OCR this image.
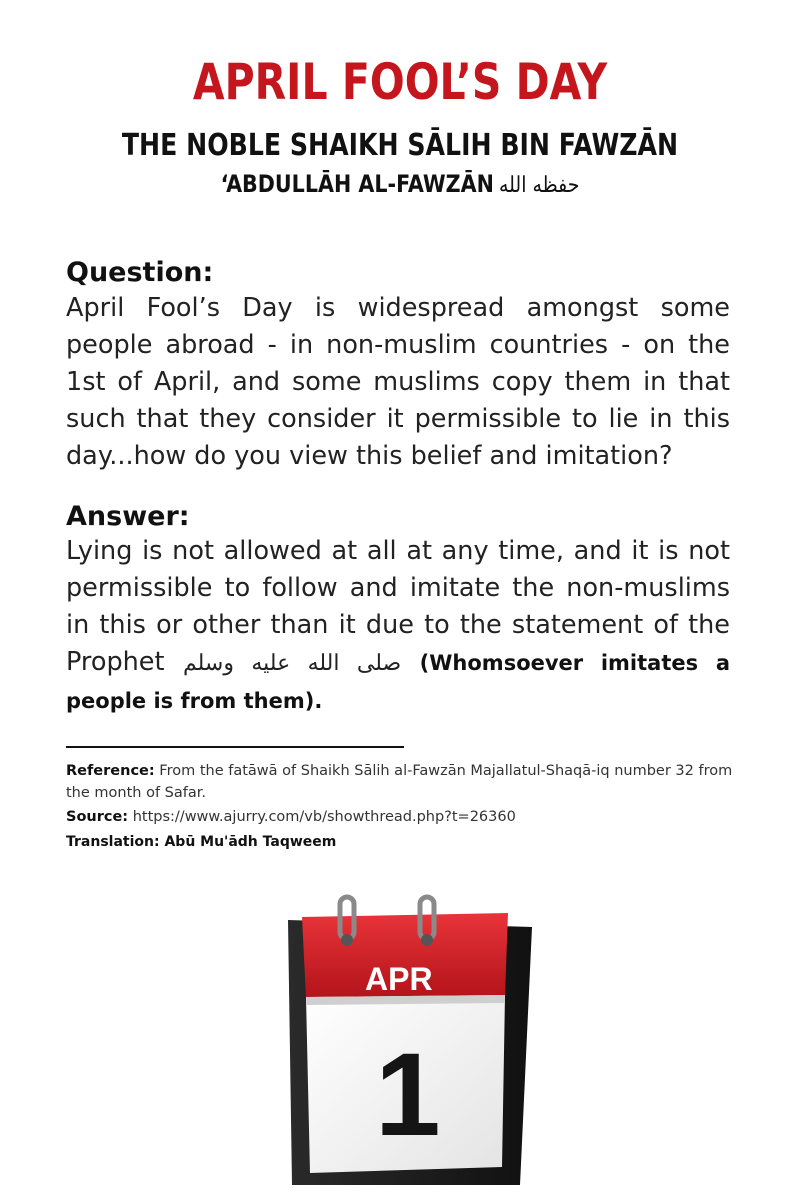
APRIL FOOL’S DAY
THE NOBLE SHAIKH SĀLIH BIN FAWZĀN
‘ABDULLĀH AL-FAWZĀN حفظه الله
Question:
April Fool’s Day is widespread amongst some people abroad - in non-muslim countries - on the 1st of April, and some muslims copy them in that such that they consider it permissible to lie in this day...how do you view this belief and imitation?
Answer:
Lying is not allowed at all at any time, and it is not permissible to follow and imitate the non-muslims in this or other than it due to the statement of the Prophet صلى الله عليه وسلم (Whomsoever imitates a people is from them).
Reference: From the fatāwā of Shaikh Sālih al-Fawzān Majallatul-Shaqā-iq number 32 from the month of Safar.
Source: https://www.ajurry.com/vb/showthread.php?t=26360
Translation: Abū Mu'ādh Taqweem
APR
1
